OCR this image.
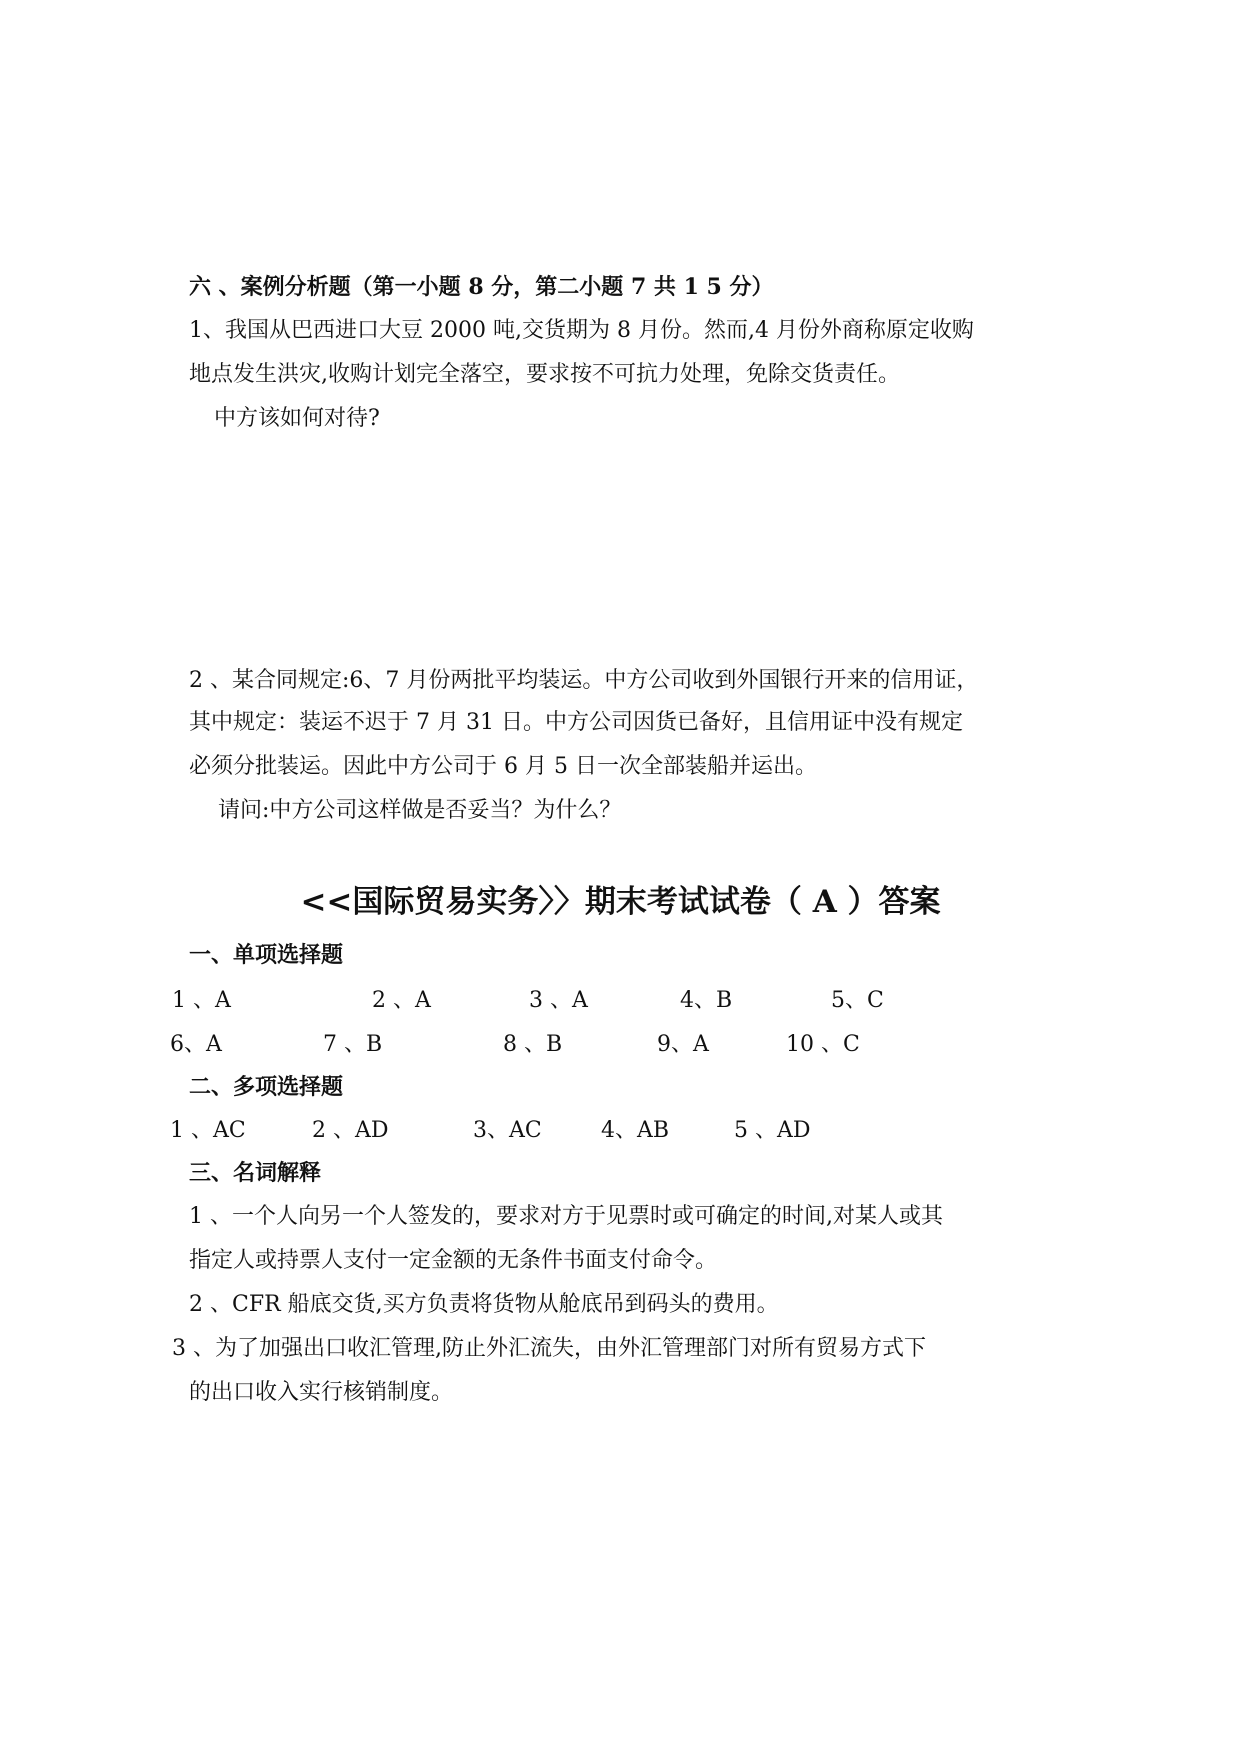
六 、案例分析题（第一小题 8 分，第二小题 7 共 1 5 分）
1、我国从巴西进口大豆 2000 吨,交货期为 8 月份。然而,4 月份外商称原定收购
地点发生洪灾,收购计划完全落空，要求按不可抗力处理，免除交货责任。
中方该如何对待?
2 、某合同规定:6、7 月份两批平均装运。中方公司收到外国银行开来的信用证，
其中规定：装运不迟于 7 月 31 日。中方公司因货已备好，且信用证中没有规定
必须分批装运。因此中方公司于 6 月 5 日一次全部装船并运出。
请问:中方公司这样做是否妥当？为什么？
<<国际贸易实务〉〉期末考试试卷（ A ）答案
一、单项选择题
1 、A	2 、A	3 、A	4、B	5、C
6、A	7 、B	8 、B	9、A	10 、C
二、多项选择题
1 、AC	2 、AD	3、AC	4、AB	5 、AD
三、名词解释
1 、一个人向另一个人签发的，要求对方于见票时或可确定的时间,对某人或其
指定人或持票人支付一定金额的无条件书面支付命令。
2 、CFR 船底交货,买方负责将货物从舱底吊到码头的费用。
3 、为了加强出口收汇管理,防止外汇流失，由外汇管理部门对所有贸易方式下
的出口收入实行核销制度。
